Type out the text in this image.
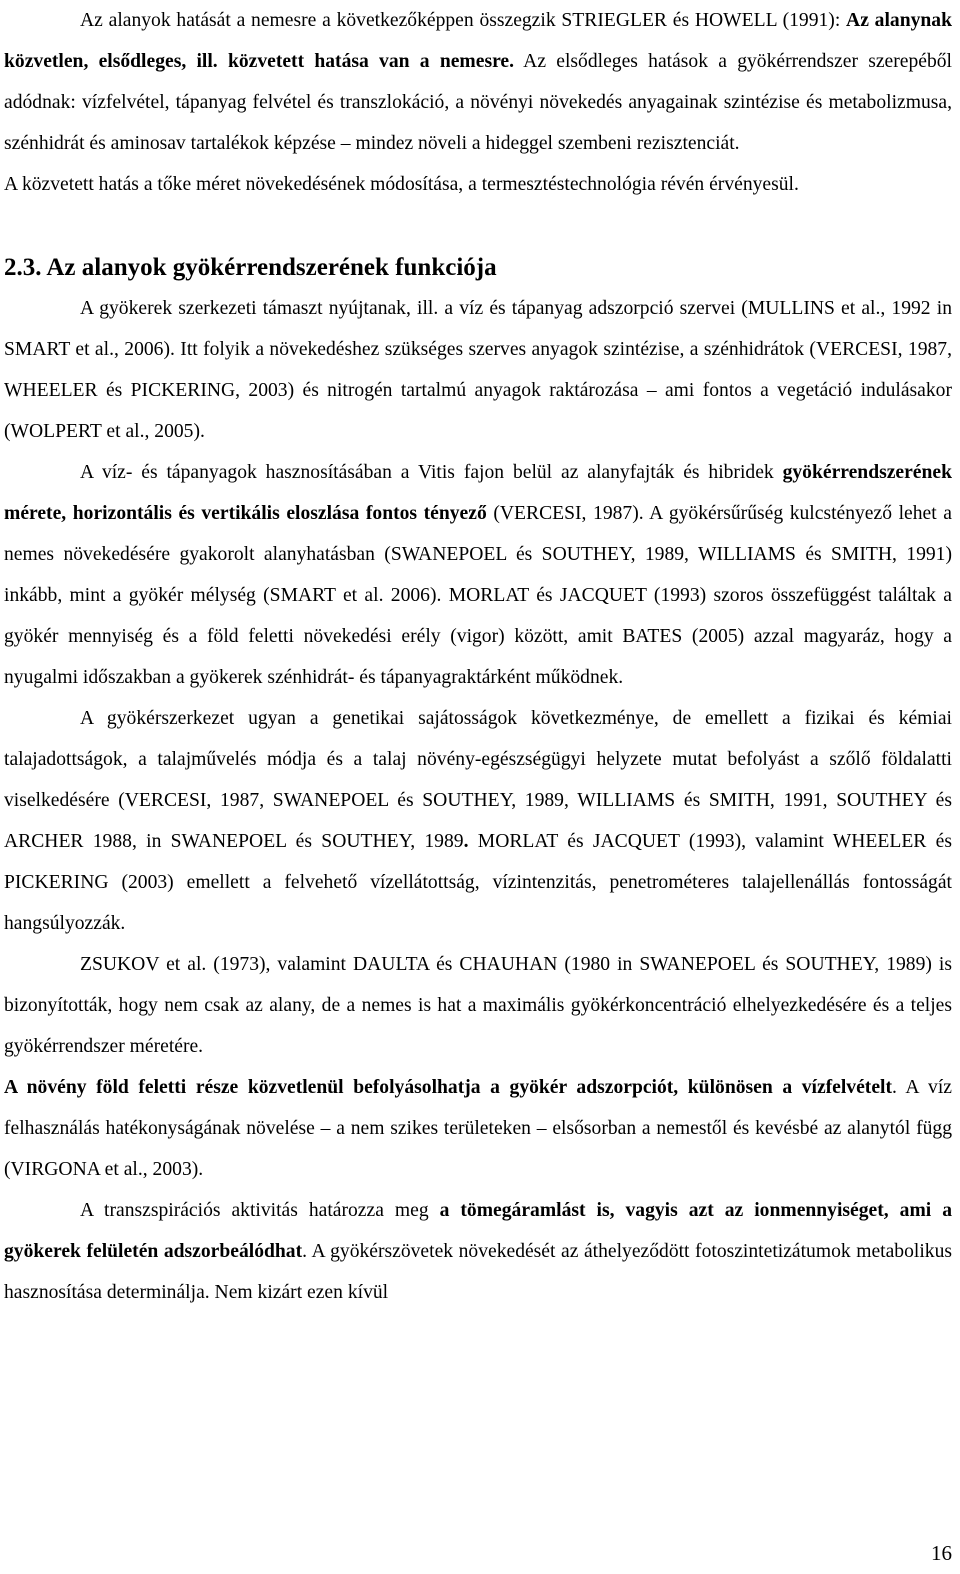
Az alanyok hatását a nemesre a következőképpen összegzik STRIEGLER és HOWELL (1991): Az alanynak közvetlen, elsődleges, ill. közvetett hatása van a nemesre. Az elsődleges hatások a gyökérrendszer szerepéből adódnak: vízfelvétel, tápanyag felvétel és transzlokáció, a növényi növekedés anyagainak szintézise és metabolizmusa, szénhidrát és aminosav tartalékok képzése – mindez növeli a hideggel szembeni rezisztenciát.

A közvetett hatás a tőke méret növekedésének módosítása, a termesztéstechnológia révén érvényesül.

2.3. Az alanyok gyökérrendszerének funkciója

A gyökerek szerkezeti támaszt nyújtanak, ill. a víz és tápanyag adszorpció szervei (MULLINS et al., 1992 in SMART et al., 2006). Itt folyik a növekedéshez szükséges szerves anyagok szintézise, a szénhidrátok (VERCESI, 1987, WHEELER és PICKERING, 2003) és nitrogén tartalmú anyagok raktározása – ami fontos a vegetáció indulásakor (WOLPERT et al., 2005).

A víz- és tápanyagok hasznosításában a Vitis fajon belül az alanyfajták és hibridek gyökérrendszerének mérete, horizontális és vertikális eloszlása fontos tényező (VERCESI, 1987). A gyökérsűrűség kulcstényező lehet a nemes növekedésére gyakorolt alanyhatásban (SWANEPOEL és SOUTHEY, 1989, WILLIAMS és SMITH, 1991) inkább, mint a gyökér mélység (SMART et al. 2006). MORLAT és JACQUET (1993) szoros összefüggést találtak a gyökér mennyiség és a föld feletti növekedési erély (vigor) között, amit BATES (2005) azzal magyaráz, hogy a nyugalmi időszakban a gyökerek szénhidrát- és tápanyagraktárként működnek.

A gyökérszerkezet ugyan a genetikai sajátosságok következménye, de emellett a fizikai és kémiai talajadottságok, a talajművelés módja és a talaj növény-egészségügyi helyzete mutat befolyást a szőlő földalatti viselkedésére (VERCESI, 1987, SWANEPOEL és SOUTHEY, 1989, WILLIAMS és SMITH, 1991, SOUTHEY és ARCHER 1988, in SWANEPOEL és SOUTHEY, 1989. MORLAT és JACQUET (1993), valamint WHEELER és PICKERING (2003) emellett a felvehető vízellátottság, vízintenzitás, penetrométeres talajellenállás fontosságát hangsúlyozzák.

ZSUKOV et al. (1973), valamint DAULTA és CHAUHAN (1980 in SWANEPOEL és SOUTHEY, 1989) is bizonyították, hogy nem csak az alany, de a nemes is hat a maximális gyökérkoncentráció elhelyezkedésére és a teljes gyökérrendszer méretére.

A növény föld feletti része közvetlenül befolyásolhatja a gyökér adszorpciót, különösen a vízfelvételt. A víz felhasználás hatékonyságának növelése – a nem szikes területeken – elsősorban a nemestől és kevésbé az alanytól függ (VIRGONA et al., 2003).

A transzspirációs aktivitás határozza meg a tömegáramlást is, vagyis azt az ionmennyiséget, ami a gyökerek felületén adszorbeálódhat. A gyökérszövetek növekedését az áthelyeződött fotoszintetizátumok metabolikus hasznosítása determinálja. Nem kizárt ezen kívül

16
